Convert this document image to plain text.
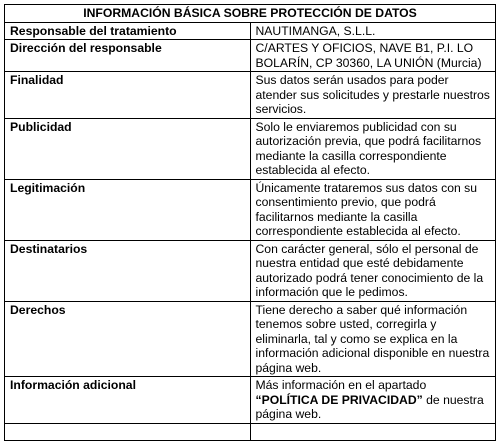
INFORMACIÓN BÁSICA SOBRE PROTECCIÓN DE DATOS	
Responsable del tratamiento	NAUTIMANGA, S.L.L.
Dirección del responsable	C/ARTES Y OFICIOS, NAVE B1, P.I. LO BOLARÍN, CP 30360, LA UNIÓN (Murcia)
Finalidad	Sus datos serán usados para poder atender sus solicitudes y prestarle nuestros servicios.
Publicidad	Solo le enviaremos publicidad con su autorización previa, que podrá facilitarnos mediante la casilla correspondiente establecida al efecto.
Legitimación	Únicamente trataremos sus datos con su consentimiento previo, que podrá facilitarnos mediante la casilla correspondiente establecida al efecto.
Destinatarios	Con carácter general, sólo el personal de nuestra entidad que esté debidamente autorizado podrá tener conocimiento de la información que le pedimos.
Derechos	Tiene derecho a saber qué información tenemos sobre usted, corregirla y eliminarla, tal y como se explica en la información adicional disponible en nuestra página web.
Información adicional	Más información en el apartado “POLÍTICA DE PRIVACIDAD” de nuestra página web.
